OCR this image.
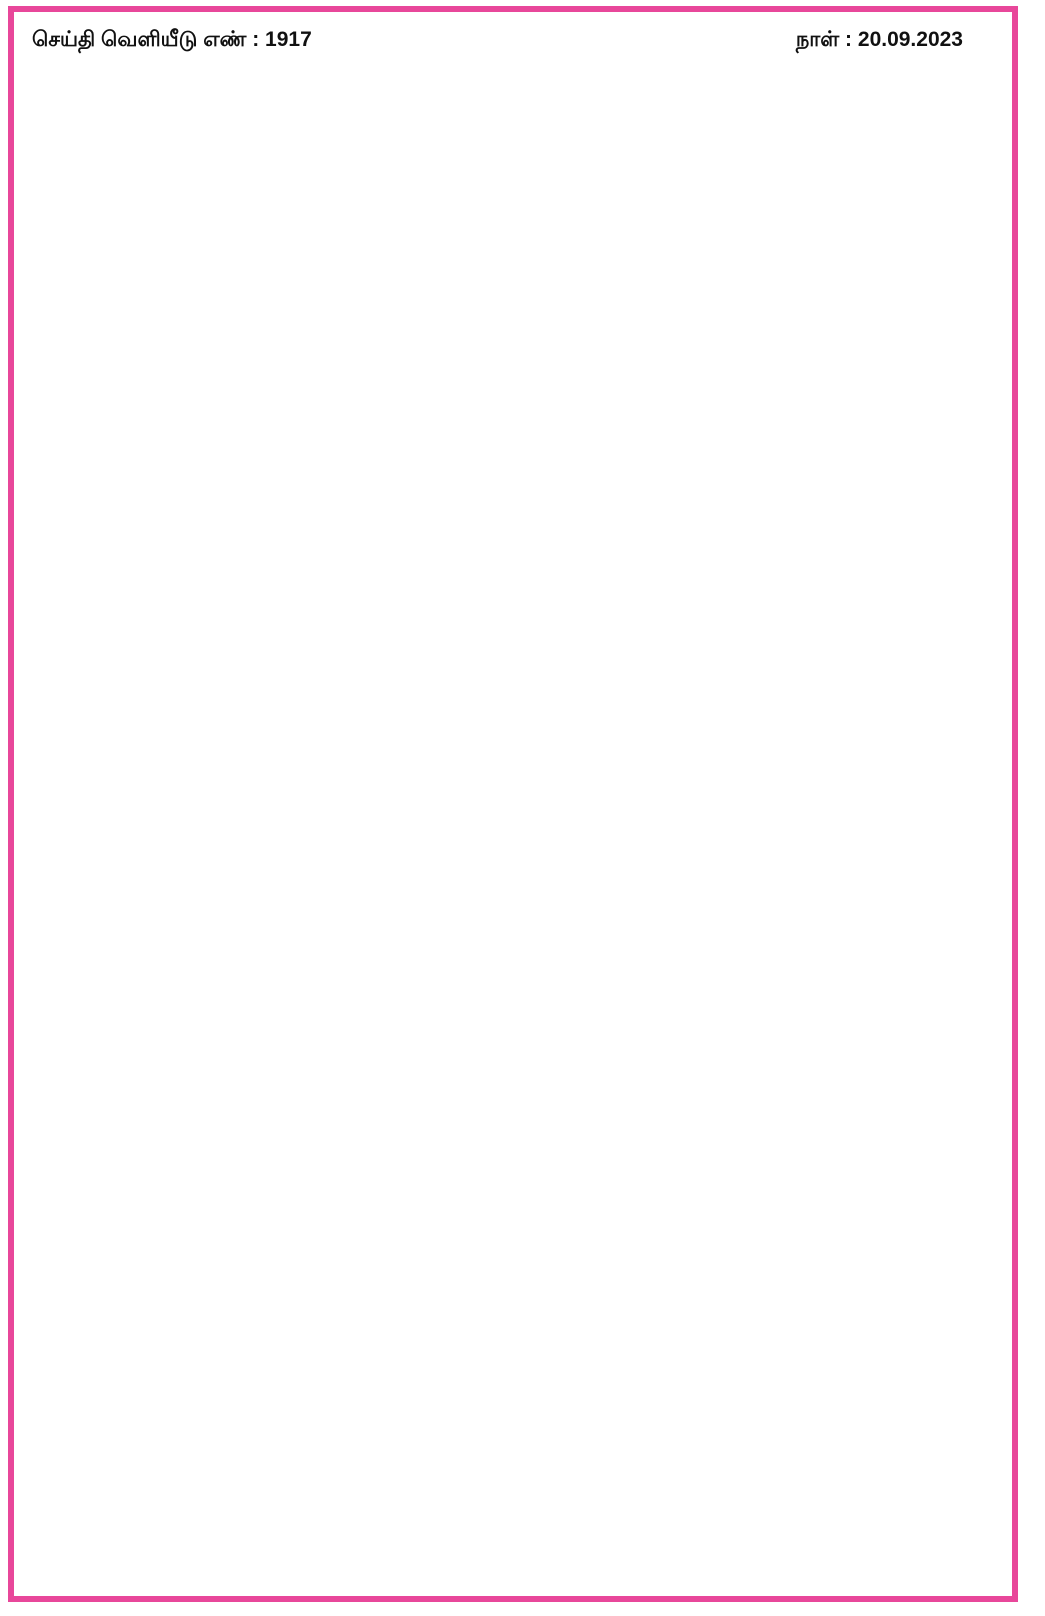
செய்தி வெளியீடு எண் : 1917	நாள் : 20.09.2023
